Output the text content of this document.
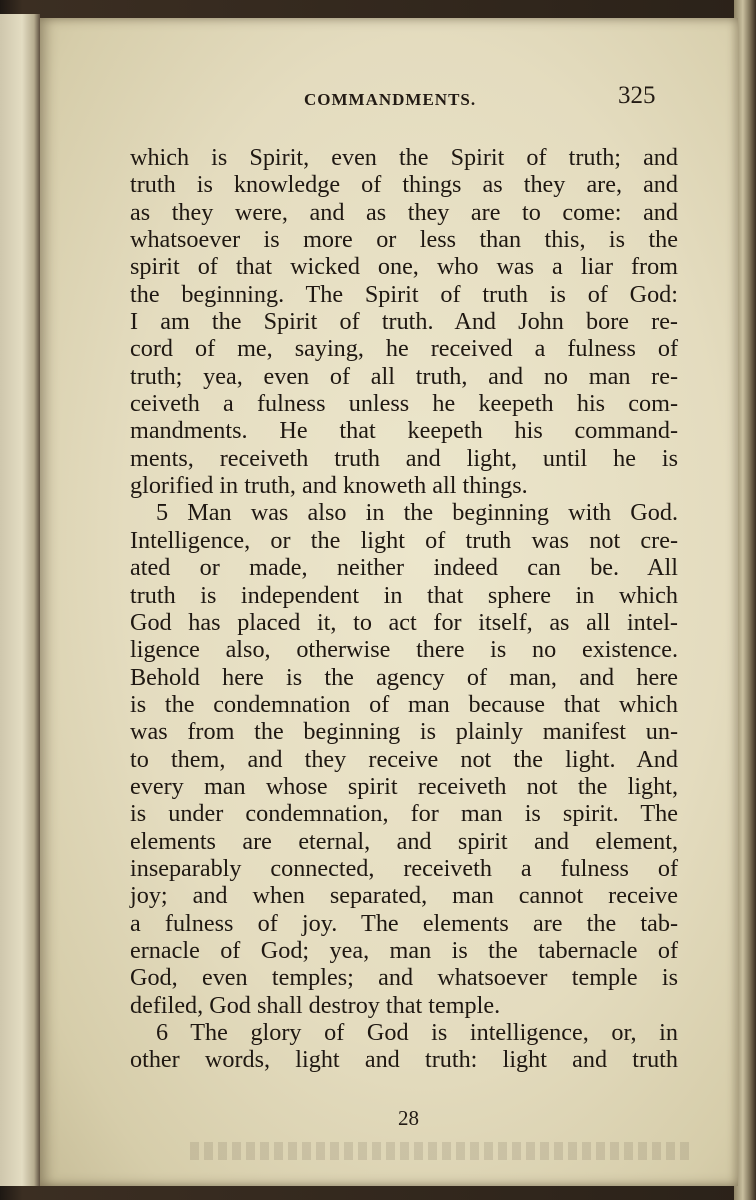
COMMANDMENTS.	325
which is Spirit, even the Spirit of truth; and
truth is knowledge of things as they are, and
as they were, and as they are to come: and
whatsoever is more or less than this, is the
spirit of that wicked one, who was a liar from
the beginning. The Spirit of truth is of God:
I am the Spirit of truth. And John bore re-
cord of me, saying, he received a fulness of
truth; yea, even of all truth, and no man re-
ceiveth a fulness unless he keepeth his com-
mandments. He that keepeth his command-
ments, receiveth truth and light, until he is
glorified in truth, and knoweth all things.
5 Man was also in the beginning with God.
Intelligence, or the light of truth was not cre-
ated or made, neither indeed can be. All
truth is independent in that sphere in which
God has placed it, to act for itself, as all intel-
ligence also, otherwise there is no existence.
Behold here is the agency of man, and here
is the condemnation of man because that which
was from the beginning is plainly manifest un-
to them, and they receive not the light. And
every man whose spirit receiveth not the light,
is under condemnation, for man is spirit. The
elements are eternal, and spirit and element,
inseparably connected, receiveth a fulness of
joy; and when separated, man cannot receive
a fulness of joy. The elements are the tab-
ernacle of God; yea, man is the tabernacle of
God, even temples; and whatsoever temple is
defiled, God shall destroy that temple.
6 The glory of God is intelligence, or, in
other words, light and truth: light and truth
28
